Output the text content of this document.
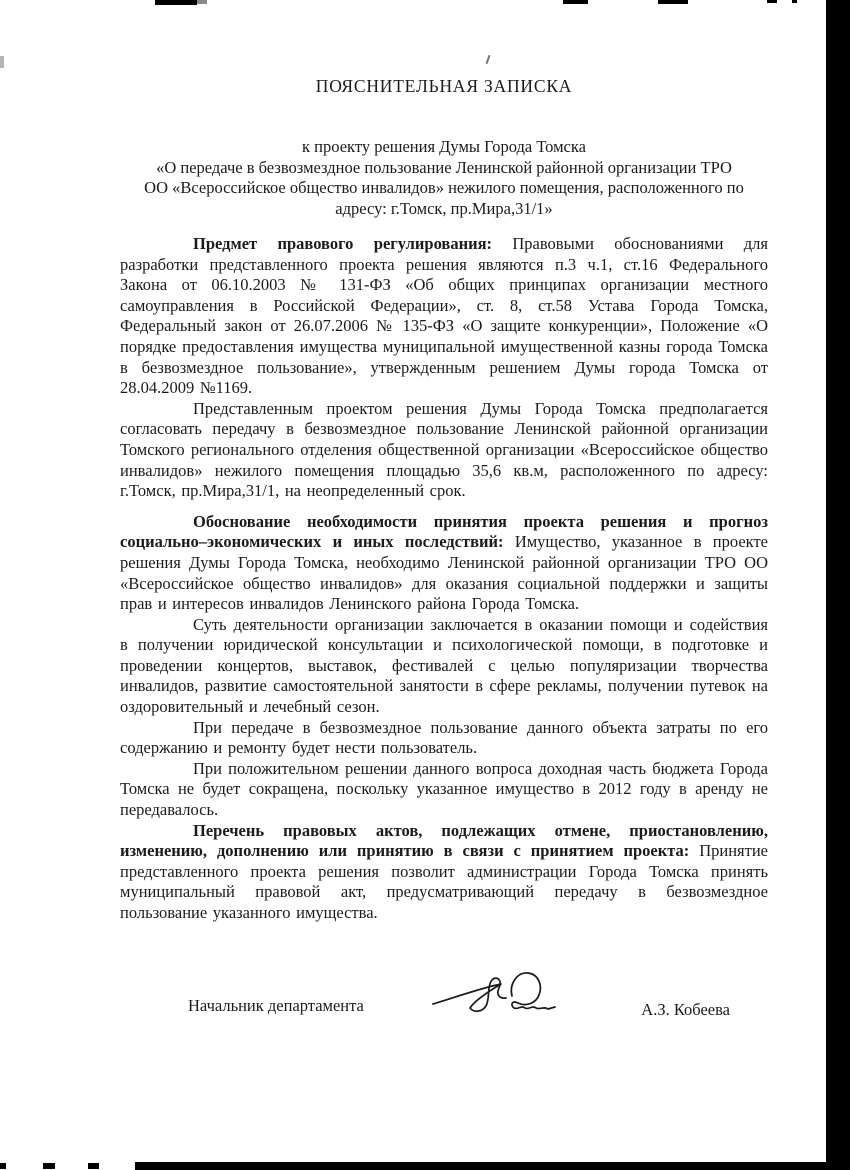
ПОЯСНИТЕЛЬНАЯ ЗАПИСКА
к проекту решения Думы Города Томска
«О передаче в безвозмездное пользование Ленинской районной организации ТРО
ОО «Всероссийское общество инвалидов» нежилого помещения, расположенного по
адресу: г.Томск, пр.Мира,31/1»

Предмет правового регулирования: Правовыми обоснованиями для разработки представленного проекта решения являются п.3 ч.1, ст.16 Федерального Закона от 06.10.2003 № 131-ФЗ «Об общих принципах организации местного самоуправления в Российской Федерации», ст. 8, ст.58 Устава Города Томска, Федеральный закон от 26.07.2006 № 135-ФЗ «О защите конкуренции», Положение «О порядке предоставления имущества муниципальной имущественной казны города Томска в безвозмездное пользование», утвержденным решением Думы города Томска от 28.04.2009 №1169.

Представленным проектом решения Думы Города Томска предполагается согласовать передачу в безвозмездное пользование Ленинской районной организации Томского регионального отделения общественной организации «Всероссийское общество инвалидов» нежилого помещения площадью 35,6 кв.м, расположенного по адресу: г.Томск, пр.Мира,31/1, на неопределенный срок.

Обоснование необходимости принятия проекта решения и прогноз социально–экономических и иных последствий: Имущество, указанное в проекте решения Думы Города Томска, необходимо Ленинской районной организации ТРО ОО «Всероссийское общество инвалидов» для оказания социальной поддержки и защиты прав и интересов инвалидов Ленинского района Города Томска.

Суть деятельности организации заключается в оказании помощи и содействия в получении юридической консультации и психологической помощи, в подготовке и проведении концертов, выставок, фестивалей с целью популяризации творчества инвалидов, развитие самостоятельной занятости в сфере рекламы, получении путевок на оздоровительный и лечебный сезон.

При передаче в безвозмездное пользование данного объекта затраты по его содержанию и ремонту будет нести пользователь.

При положительном решении данного вопроса доходная часть бюджета Города Томска не будет сокращена, поскольку указанное имущество в 2012 году в аренду не передавалось.

Перечень правовых актов, подлежащих отмене, приостановлению, изменению, дополнению или принятию в связи с принятием проекта: Принятие представленного проекта решения позволит администрации Города Томска принять муниципальный правовой акт, предусматривающий передачу в безвозмездное пользование указанного имущества.

Начальник департамента	А.З. Кобеева
